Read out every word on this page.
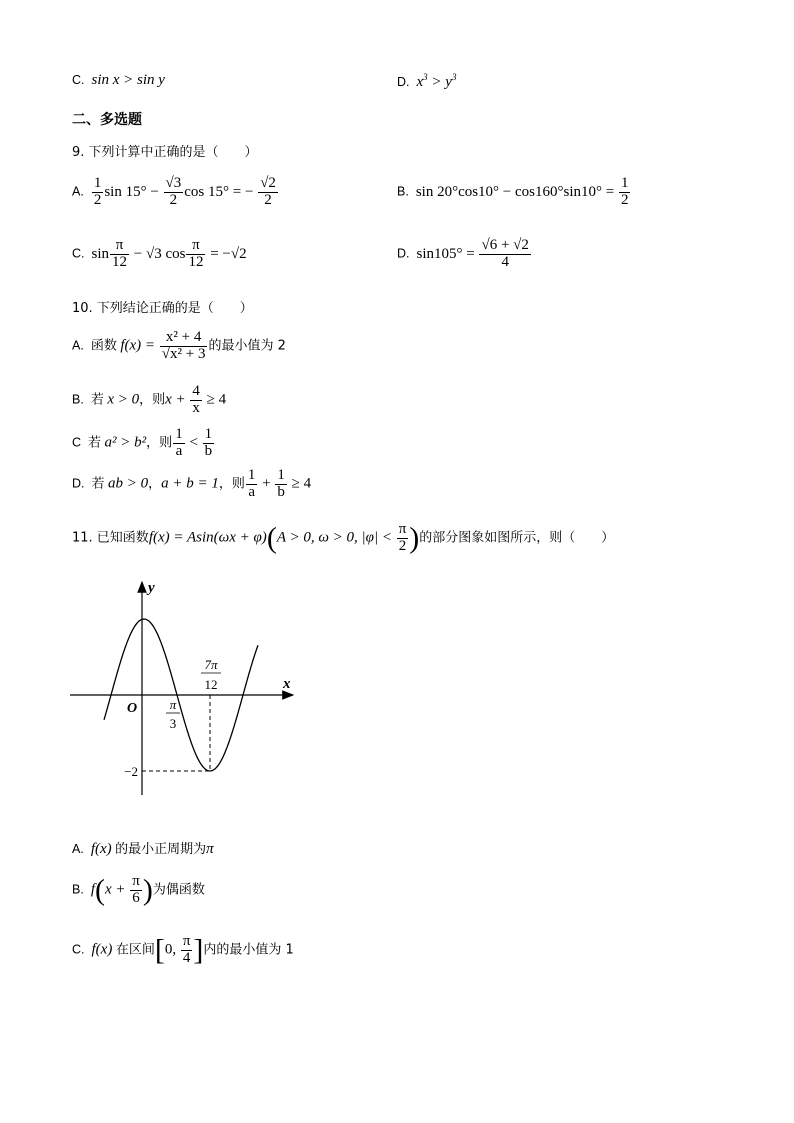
C. sin x > sin y	D. $x^3 > y^3$
二、多选题
9. 下列计算中正确的是（　　）
A. $\frac{1}{2}$ $\sin 15^\circ - \frac{√3}{2}$ cos 15° = − $\frac{√2}{2}$	B. $\sin 20^\circ\cos 10^\circ - \cos 160^\circ\sin 10^\circ = \frac{1}{2}$
C. $\sin \frac{\pi}{12} - √3$ $\cos \frac{\pi}{12} = -√2$	D. $\sin 105^\circ = \frac{√6 + √2}{4}$
10. 下列结论正确的是（　　）
A. 函数 $f(x) = \frac{\text{x² + 4}}{\text{√x² + 3}}$ 的最小值为 2
B. 若 x > 0，则$x + \frac{4}{x} \ge 4$
C 若 a² > b²，则 $\frac{1}{a} < \frac{1}{b}$
D. 若 ab > 0，a + b = 1，则 $\frac{1}{a} + \frac{1}{b} \ge 4$
11. 已知函数f(x) = Asin(ωx + φ)(A > 0, ω > 0, $|\varphi| < \frac{\pi}{2}$ )的部分图象如图所示，则（　　）
y
x
O	π
3
7π
12
−2
A. f(x) 的最小正周期为π
B. $f(x + \frac{\pi}{6}$ )为偶函数
C. f(x) 在区间[0, $\frac{\pi}{4}$ ]内的最小值为 1
